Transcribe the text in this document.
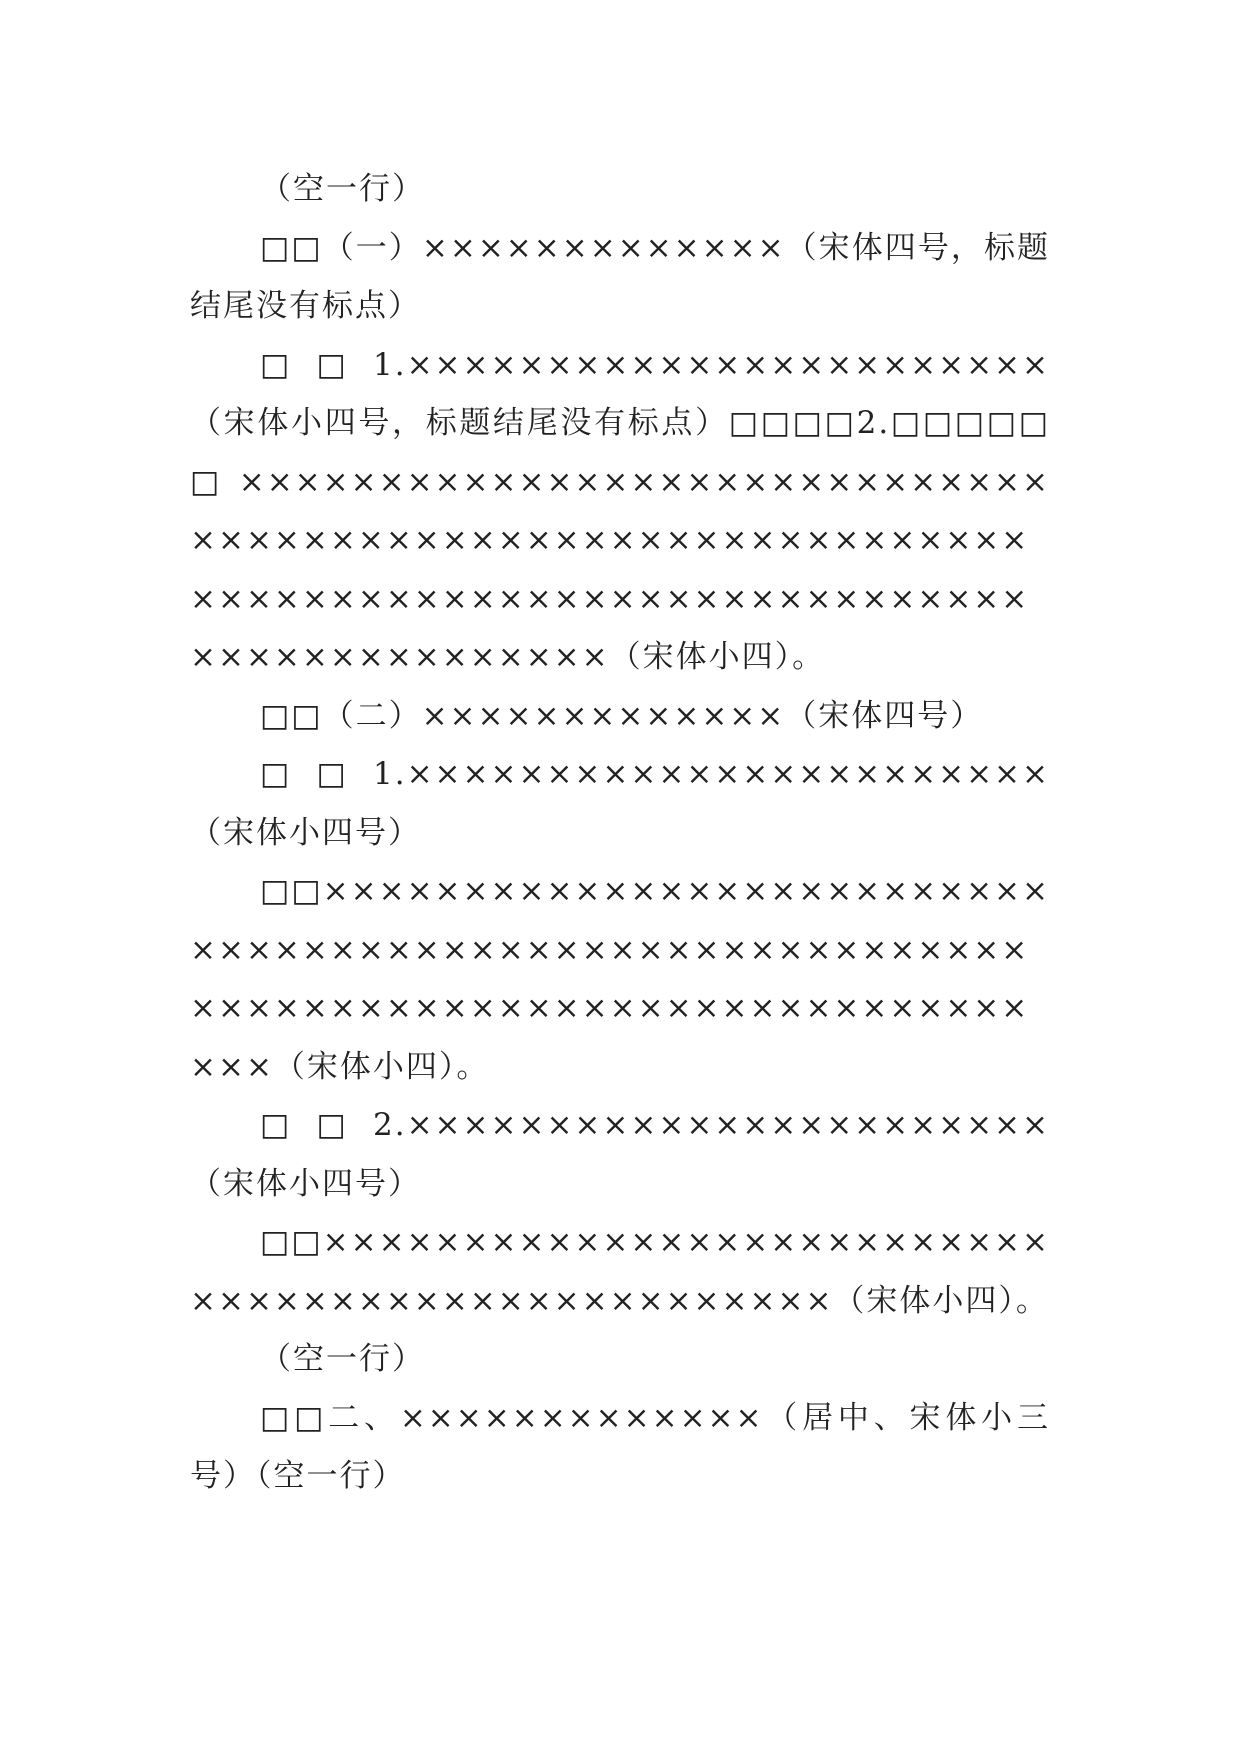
（空一行）

□□（一）×××××××××××××（宋体四号，标题结尾没有标点）

□□1.×××××××××××××××××××××××（宋体小四号，标题结尾没有标点）□□□□2.□□□□□□××××××××××××××××××××××××××××××××××××××××××××××××××××××××××××××××××××××××××××××××××××××××××××××××××××××××（宋体小四）。

□□（二）×××××××××××××（宋体四号）

□□1.×××××××××××××××××××××××（宋体小四号）

□□×××××××××××××××××××××××××××××××××××××××××××××××××××××××××××××××××××××××××××××××××××××××××（宋体小四）。

□□2.×××××××××××××××××××××××（宋体小四号）

□□×××××××××××××××××××××××××××××××××××××××××××××××××（宋体小四）。

（空一行）

□□二、×××××××××××××（居中、宋体小三号）（空一行）
